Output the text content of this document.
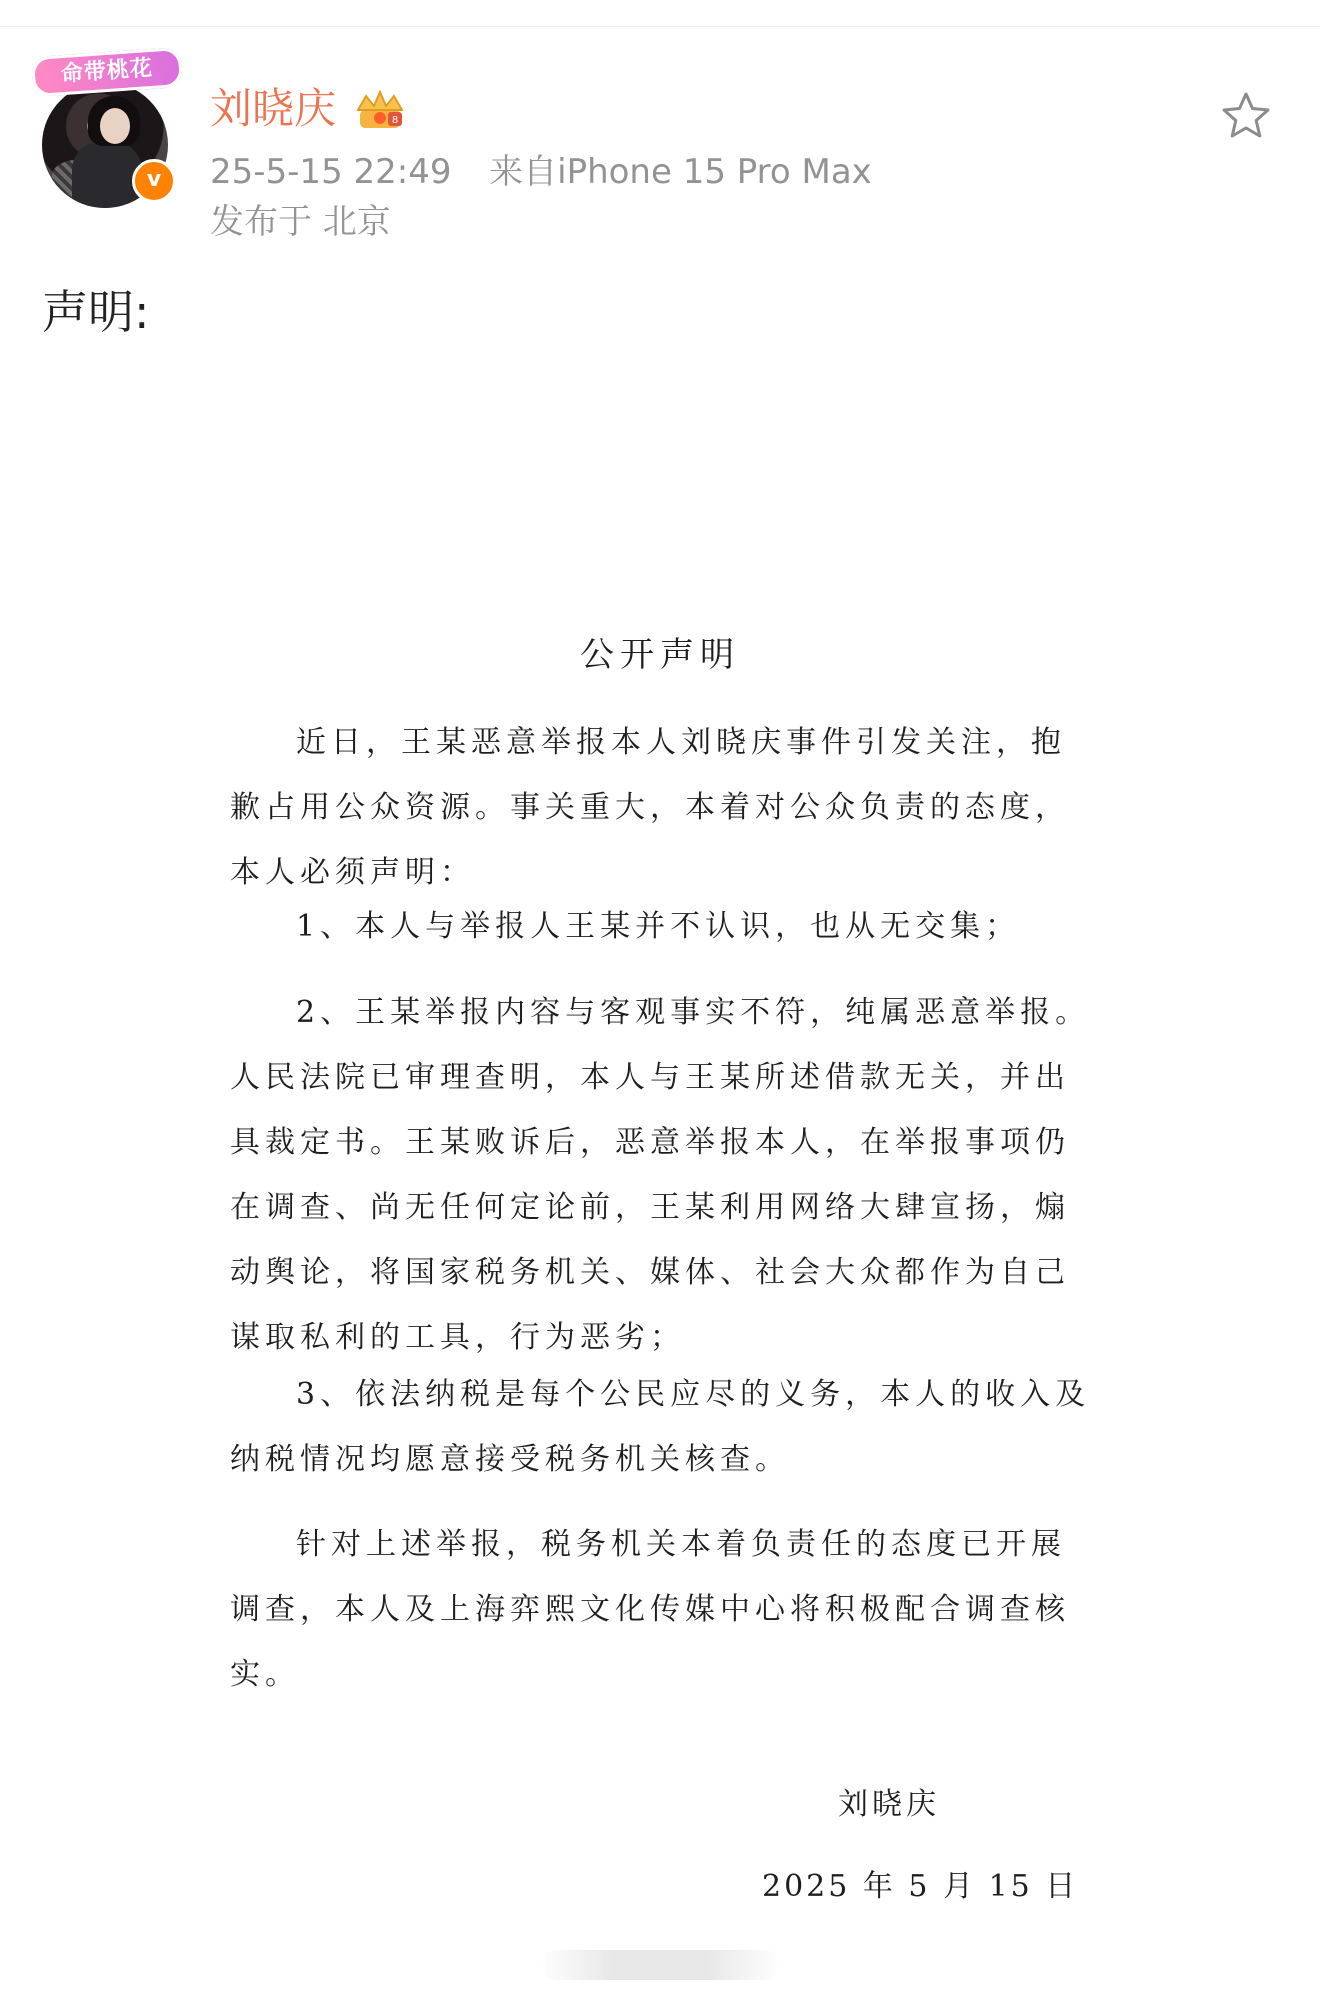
命带桃花
v
刘晓庆	8
25-5-15 22:49 来自iPhone 15 Pro Max
发布于 北京
声明:
公开声明
近日，王某恶意举报本人刘晓庆事件引发关注，抱歉占用公众资源。事关重大，本着对公众负责的态度，本人必须声明：
1、本人与举报人王某并不认识，也从无交集；
2、王某举报内容与客观事实不符，纯属恶意举报。人民法院已审理查明，本人与王某所述借款无关，并出具裁定书。王某败诉后，恶意举报本人，在举报事项仍在调查、尚无任何定论前，王某利用网络大肆宣扬，煽动舆论，将国家税务机关、媒体、社会大众都作为自己谋取私利的工具，行为恶劣；
3、依法纳税是每个公民应尽的义务，本人的收入及纳税情况均愿意接受税务机关核查。
针对上述举报，税务机关本着负责任的态度已开展调查，本人及上海弈熙文化传媒中心将积极配合调查核实。
刘晓庆
2025 年 5 月 15 日
